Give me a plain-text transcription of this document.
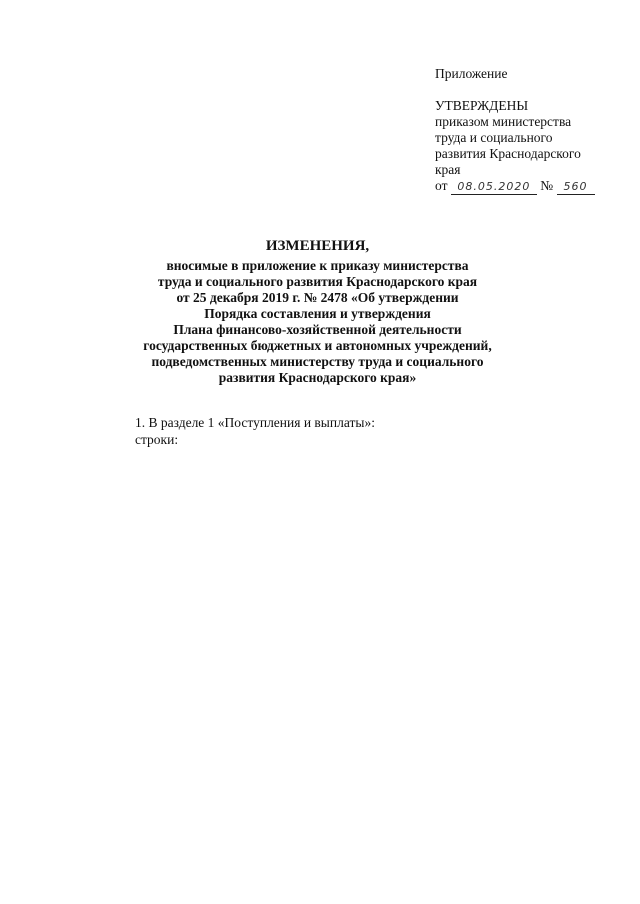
Приложение
УТВЕРЖДЕНЫ
приказом министерства
труда и социального
развития Краснодарского
края
от 08.05.2020 № 560
ИЗМЕНЕНИЯ,
вносимые в приложение к приказу министерства
труда и социального развития Краснодарского края
от 25 декабря 2019 г. № 2478 «Об утверждении
Порядка составления и утверждения
Плана финансово-хозяйственной деятельности
государственных бюджетных и автономных учреждений,
подведомственных министерству труда и социального
развития Краснодарского края»
1. В разделе 1 «Поступления и выплаты»:
строки:
